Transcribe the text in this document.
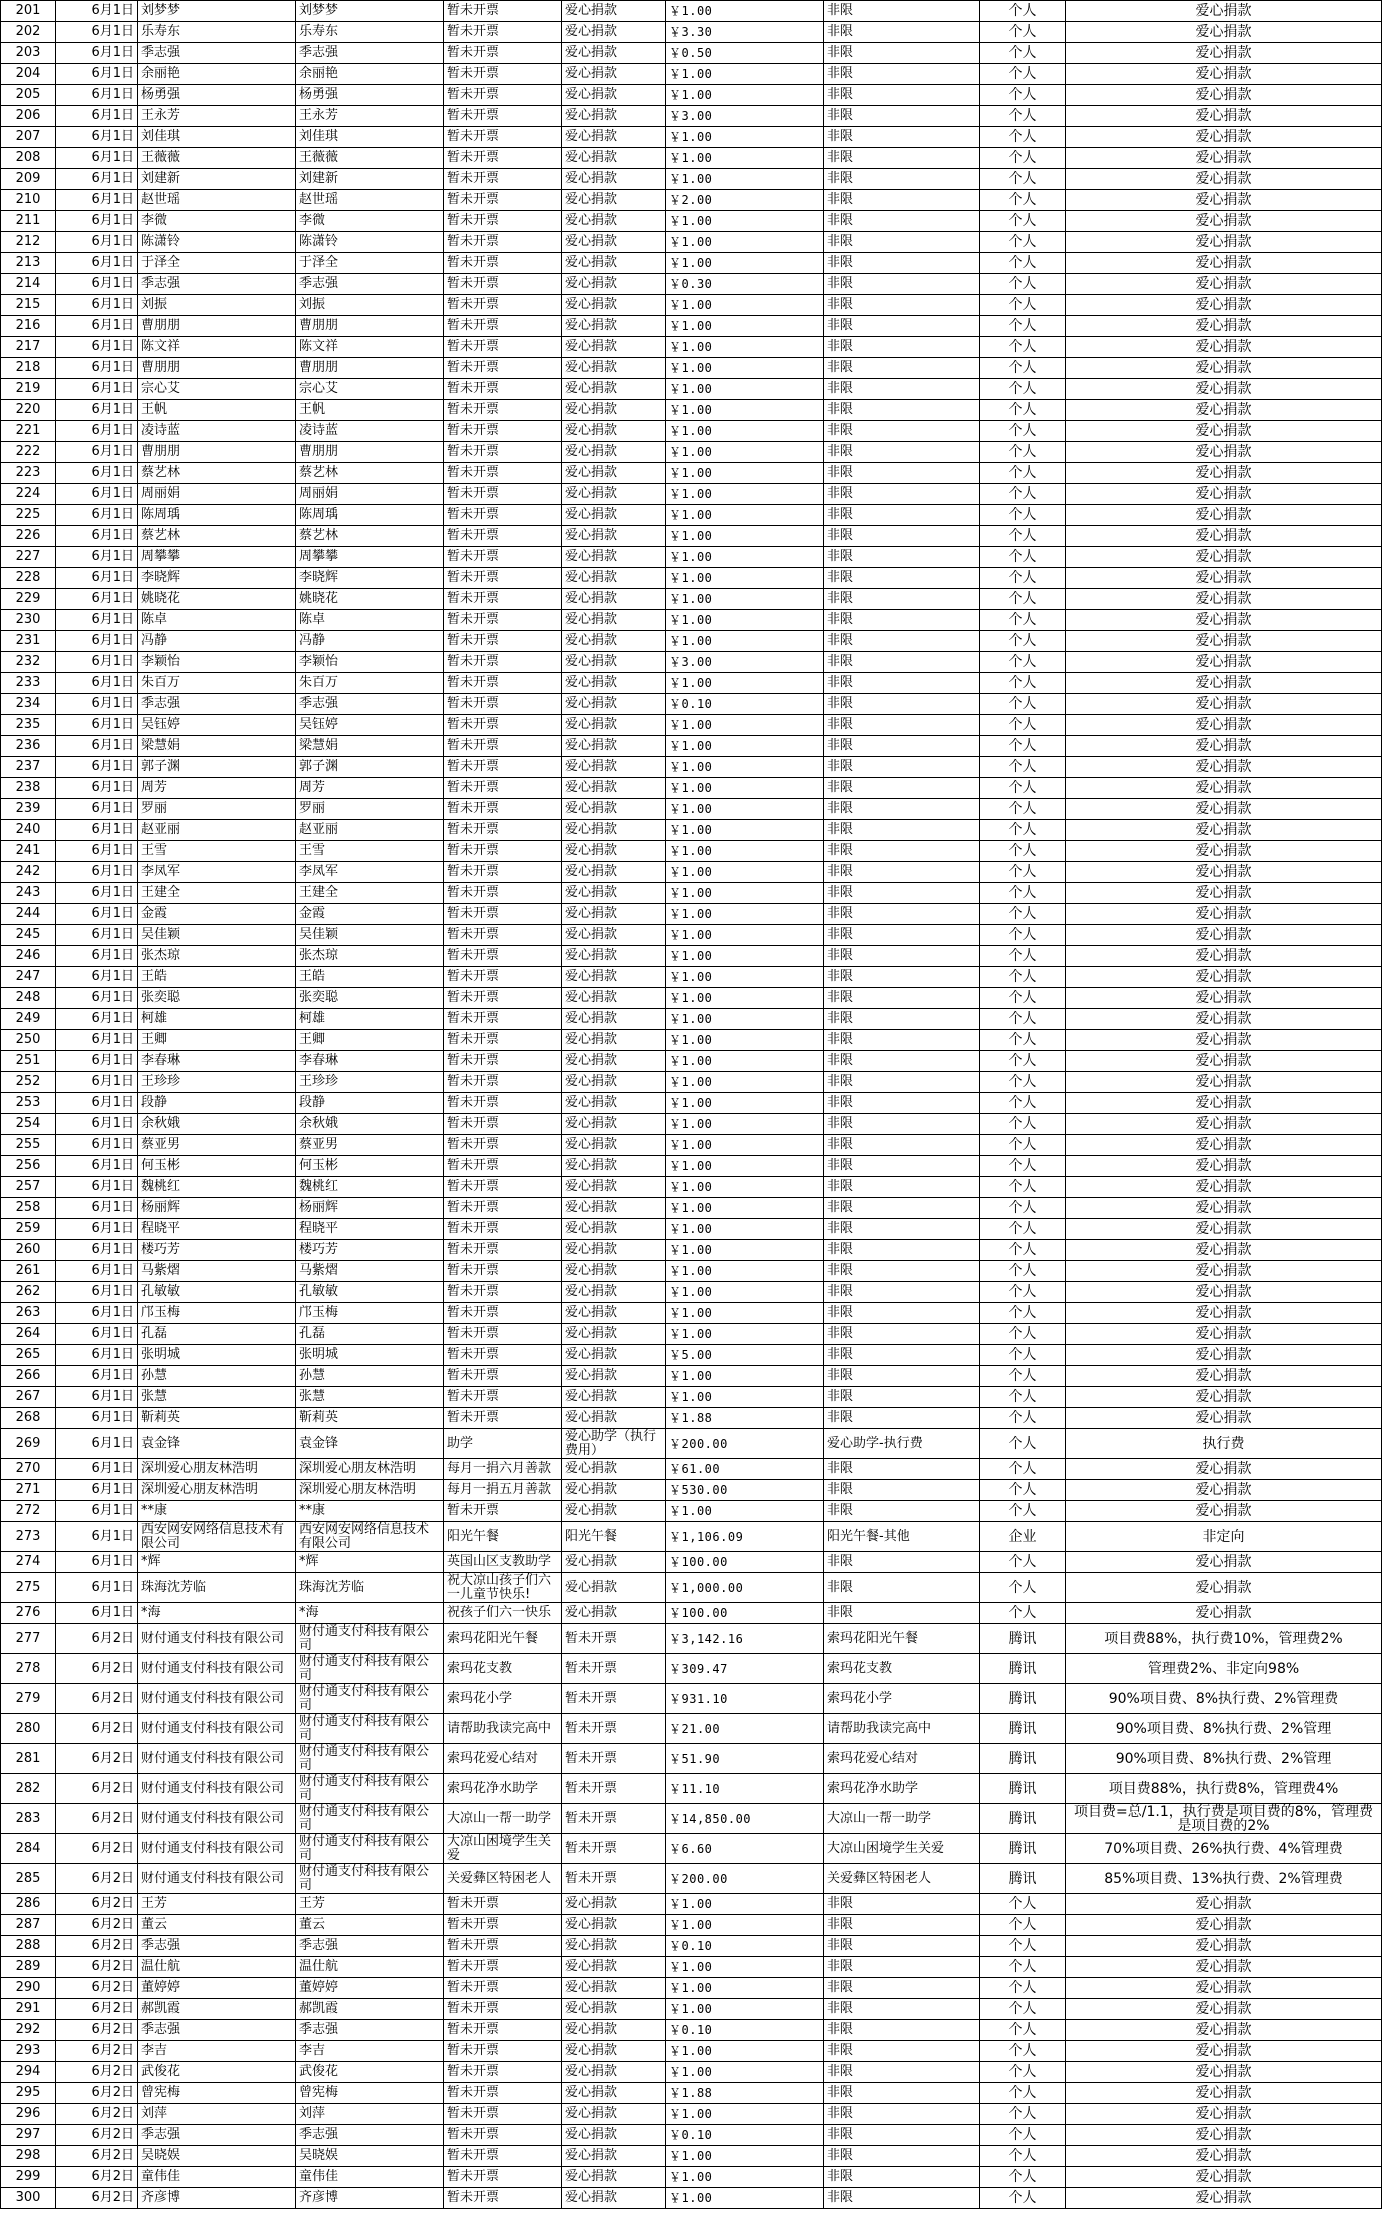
201	6月1日	刘梦梦	刘梦梦	暂未开票	爱心捐款	￥1.00	非限	个人	爱心捐款
202	6月1日	乐寿东	乐寿东	暂未开票	爱心捐款	￥3.30	非限	个人	爱心捐款
203	6月1日	季志强	季志强	暂未开票	爱心捐款	￥0.50	非限	个人	爱心捐款
204	6月1日	余丽艳	余丽艳	暂未开票	爱心捐款	￥1.00	非限	个人	爱心捐款
205	6月1日	杨勇强	杨勇强	暂未开票	爱心捐款	￥1.00	非限	个人	爱心捐款
206	6月1日	王永芳	王永芳	暂未开票	爱心捐款	￥3.00	非限	个人	爱心捐款
207	6月1日	刘佳琪	刘佳琪	暂未开票	爱心捐款	￥1.00	非限	个人	爱心捐款
208	6月1日	王薇薇	王薇薇	暂未开票	爱心捐款	￥1.00	非限	个人	爱心捐款
209	6月1日	刘建新	刘建新	暂未开票	爱心捐款	￥1.00	非限	个人	爱心捐款
210	6月1日	赵世瑶	赵世瑶	暂未开票	爱心捐款	￥2.00	非限	个人	爱心捐款
211	6月1日	李微	李微	暂未开票	爱心捐款	￥1.00	非限	个人	爱心捐款
212	6月1日	陈潇铃	陈潇铃	暂未开票	爱心捐款	￥1.00	非限	个人	爱心捐款
213	6月1日	于泽全	于泽全	暂未开票	爱心捐款	￥1.00	非限	个人	爱心捐款
214	6月1日	季志强	季志强	暂未开票	爱心捐款	￥0.30	非限	个人	爱心捐款
215	6月1日	刘振	刘振	暂未开票	爱心捐款	￥1.00	非限	个人	爱心捐款
216	6月1日	曹朋朋	曹朋朋	暂未开票	爱心捐款	￥1.00	非限	个人	爱心捐款
217	6月1日	陈文祥	陈文祥	暂未开票	爱心捐款	￥1.00	非限	个人	爱心捐款
218	6月1日	曹朋朋	曹朋朋	暂未开票	爱心捐款	￥1.00	非限	个人	爱心捐款
219	6月1日	宗心艾	宗心艾	暂未开票	爱心捐款	￥1.00	非限	个人	爱心捐款
220	6月1日	王帆	王帆	暂未开票	爱心捐款	￥1.00	非限	个人	爱心捐款
221	6月1日	凌诗蓝	凌诗蓝	暂未开票	爱心捐款	￥1.00	非限	个人	爱心捐款
222	6月1日	曹朋朋	曹朋朋	暂未开票	爱心捐款	￥1.00	非限	个人	爱心捐款
223	6月1日	蔡艺林	蔡艺林	暂未开票	爱心捐款	￥1.00	非限	个人	爱心捐款
224	6月1日	周丽娟	周丽娟	暂未开票	爱心捐款	￥1.00	非限	个人	爱心捐款
225	6月1日	陈周瑀	陈周瑀	暂未开票	爱心捐款	￥1.00	非限	个人	爱心捐款
226	6月1日	蔡艺林	蔡艺林	暂未开票	爱心捐款	￥1.00	非限	个人	爱心捐款
227	6月1日	周攀攀	周攀攀	暂未开票	爱心捐款	￥1.00	非限	个人	爱心捐款
228	6月1日	李晓辉	李晓辉	暂未开票	爱心捐款	￥1.00	非限	个人	爱心捐款
229	6月1日	姚晓花	姚晓花	暂未开票	爱心捐款	￥1.00	非限	个人	爱心捐款
230	6月1日	陈卓	陈卓	暂未开票	爱心捐款	￥1.00	非限	个人	爱心捐款
231	6月1日	冯静	冯静	暂未开票	爱心捐款	￥1.00	非限	个人	爱心捐款
232	6月1日	李颖怡	李颖怡	暂未开票	爱心捐款	￥3.00	非限	个人	爱心捐款
233	6月1日	朱百万	朱百万	暂未开票	爱心捐款	￥1.00	非限	个人	爱心捐款
234	6月1日	季志强	季志强	暂未开票	爱心捐款	￥0.10	非限	个人	爱心捐款
235	6月1日	吴钰婷	吴钰婷	暂未开票	爱心捐款	￥1.00	非限	个人	爱心捐款
236	6月1日	梁慧娟	梁慧娟	暂未开票	爱心捐款	￥1.00	非限	个人	爱心捐款
237	6月1日	郭子渊	郭子渊	暂未开票	爱心捐款	￥1.00	非限	个人	爱心捐款
238	6月1日	周芳	周芳	暂未开票	爱心捐款	￥1.00	非限	个人	爱心捐款
239	6月1日	罗丽	罗丽	暂未开票	爱心捐款	￥1.00	非限	个人	爱心捐款
240	6月1日	赵亚丽	赵亚丽	暂未开票	爱心捐款	￥1.00	非限	个人	爱心捐款
241	6月1日	王雪	王雪	暂未开票	爱心捐款	￥1.00	非限	个人	爱心捐款
242	6月1日	李凤军	李凤军	暂未开票	爱心捐款	￥1.00	非限	个人	爱心捐款
243	6月1日	王建全	王建全	暂未开票	爱心捐款	￥1.00	非限	个人	爱心捐款
244	6月1日	金霞	金霞	暂未开票	爱心捐款	￥1.00	非限	个人	爱心捐款
245	6月1日	吴佳颖	吴佳颖	暂未开票	爱心捐款	￥1.00	非限	个人	爱心捐款
246	6月1日	张杰琼	张杰琼	暂未开票	爱心捐款	￥1.00	非限	个人	爱心捐款
247	6月1日	王皓	王皓	暂未开票	爱心捐款	￥1.00	非限	个人	爱心捐款
248	6月1日	张奕聪	张奕聪	暂未开票	爱心捐款	￥1.00	非限	个人	爱心捐款
249	6月1日	柯雄	柯雄	暂未开票	爱心捐款	￥1.00	非限	个人	爱心捐款
250	6月1日	王卿	王卿	暂未开票	爱心捐款	￥1.00	非限	个人	爱心捐款
251	6月1日	李春琳	李春琳	暂未开票	爱心捐款	￥1.00	非限	个人	爱心捐款
252	6月1日	王珍珍	王珍珍	暂未开票	爱心捐款	￥1.00	非限	个人	爱心捐款
253	6月1日	段静	段静	暂未开票	爱心捐款	￥1.00	非限	个人	爱心捐款
254	6月1日	余秋娥	余秋娥	暂未开票	爱心捐款	￥1.00	非限	个人	爱心捐款
255	6月1日	蔡亚男	蔡亚男	暂未开票	爱心捐款	￥1.00	非限	个人	爱心捐款
256	6月1日	何玉彬	何玉彬	暂未开票	爱心捐款	￥1.00	非限	个人	爱心捐款
257	6月1日	魏桃红	魏桃红	暂未开票	爱心捐款	￥1.00	非限	个人	爱心捐款
258	6月1日	杨丽辉	杨丽辉	暂未开票	爱心捐款	￥1.00	非限	个人	爱心捐款
259	6月1日	程晓平	程晓平	暂未开票	爱心捐款	￥1.00	非限	个人	爱心捐款
260	6月1日	楼巧芳	楼巧芳	暂未开票	爱心捐款	￥1.00	非限	个人	爱心捐款
261	6月1日	马紫熠	马紫熠	暂未开票	爱心捐款	￥1.00	非限	个人	爱心捐款
262	6月1日	孔敏敏	孔敏敏	暂未开票	爱心捐款	￥1.00	非限	个人	爱心捐款
263	6月1日	邝玉梅	邝玉梅	暂未开票	爱心捐款	￥1.00	非限	个人	爱心捐款
264	6月1日	孔磊	孔磊	暂未开票	爱心捐款	￥1.00	非限	个人	爱心捐款
265	6月1日	张明城	张明城	暂未开票	爱心捐款	￥5.00	非限	个人	爱心捐款
266	6月1日	孙慧	孙慧	暂未开票	爱心捐款	￥1.00	非限	个人	爱心捐款
267	6月1日	张慧	张慧	暂未开票	爱心捐款	￥1.00	非限	个人	爱心捐款
268	6月1日	靳莉英	靳莉英	暂未开票	爱心捐款	￥1.88	非限	个人	爱心捐款
269	6月1日	袁金锋	袁金锋	助学	爱心助学（执行费用）	￥200.00	爱心助学-执行费	个人	执行费
270	6月1日	深圳爱心朋友林浩明	深圳爱心朋友林浩明	每月一捐六月善款	爱心捐款	￥61.00	非限	个人	爱心捐款
271	6月1日	深圳爱心朋友林浩明	深圳爱心朋友林浩明	每月一捐五月善款	爱心捐款	￥530.00	非限	个人	爱心捐款
272	6月1日	**康	**康	暂未开票	爱心捐款	￥1.00	非限	个人	爱心捐款
273	6月1日	西安网安网络信息技术有限公司	西安网安网络信息技术有限公司	阳光午餐	阳光午餐	￥1,106.09	阳光午餐-其他	企业	非定向
274	6月1日	*辉	*辉	英国山区支教助学	爱心捐款	￥100.00	非限	个人	爱心捐款
275	6月1日	珠海沈芳临	珠海沈芳临	祝大凉山孩子们六一儿童节快乐!	爱心捐款	￥1,000.00	非限	个人	爱心捐款
276	6月1日	*海	*海	祝孩子们六一快乐	爱心捐款	￥100.00	非限	个人	爱心捐款
277	6月2日	财付通支付科技有限公司	财付通支付科技有限公司	索玛花阳光午餐	暂未开票	￥3,142.16	索玛花阳光午餐	腾讯	项目费88%，执行费10%，管理费2%
278	6月2日	财付通支付科技有限公司	财付通支付科技有限公司	索玛花支教	暂未开票	￥309.47	索玛花支教	腾讯	管理费2%、非定向98%
279	6月2日	财付通支付科技有限公司	财付通支付科技有限公司	索玛花小学	暂未开票	￥931.10	索玛花小学	腾讯	90%项目费、8%执行费、2%管理费
280	6月2日	财付通支付科技有限公司	财付通支付科技有限公司	请帮助我读完高中	暂未开票	￥21.00	请帮助我读完高中	腾讯	90%项目费、8%执行费、2%管理
281	6月2日	财付通支付科技有限公司	财付通支付科技有限公司	索玛花爱心结对	暂未开票	￥51.90	索玛花爱心结对	腾讯	90%项目费、8%执行费、2%管理
282	6月2日	财付通支付科技有限公司	财付通支付科技有限公司	索玛花净水助学	暂未开票	￥11.10	索玛花净水助学	腾讯	项目费88%，执行费8%，管理费4%
283	6月2日	财付通支付科技有限公司	财付通支付科技有限公司	大凉山一帮一助学	暂未开票	￥14,850.00	大凉山一帮一助学	腾讯	项目费=总/1.1，执行费是项目费的8%，管理费是项目费的2%
284	6月2日	财付通支付科技有限公司	财付通支付科技有限公司	大凉山困境学生关爱	暂未开票	￥6.60	大凉山困境学生关爱	腾讯	70%项目费、26%执行费、4%管理费
285	6月2日	财付通支付科技有限公司	财付通支付科技有限公司	关爱彝区特困老人	暂未开票	￥200.00	关爱彝区特困老人	腾讯	85%项目费、13%执行费、2%管理费
286	6月2日	王芳	王芳	暂未开票	爱心捐款	￥1.00	非限	个人	爱心捐款
287	6月2日	董云	董云	暂未开票	爱心捐款	￥1.00	非限	个人	爱心捐款
288	6月2日	季志强	季志强	暂未开票	爱心捐款	￥0.10	非限	个人	爱心捐款
289	6月2日	温仕航	温仕航	暂未开票	爱心捐款	￥1.00	非限	个人	爱心捐款
290	6月2日	董婷婷	董婷婷	暂未开票	爱心捐款	￥1.00	非限	个人	爱心捐款
291	6月2日	郝凯霞	郝凯霞	暂未开票	爱心捐款	￥1.00	非限	个人	爱心捐款
292	6月2日	季志强	季志强	暂未开票	爱心捐款	￥0.10	非限	个人	爱心捐款
293	6月2日	李吉	李吉	暂未开票	爱心捐款	￥1.00	非限	个人	爱心捐款
294	6月2日	武俊花	武俊花	暂未开票	爱心捐款	￥1.00	非限	个人	爱心捐款
295	6月2日	曾宪梅	曾宪梅	暂未开票	爱心捐款	￥1.88	非限	个人	爱心捐款
296	6月2日	刘萍	刘萍	暂未开票	爱心捐款	￥1.00	非限	个人	爱心捐款
297	6月2日	季志强	季志强	暂未开票	爱心捐款	￥0.10	非限	个人	爱心捐款
298	6月2日	吴晓娱	吴晓娱	暂未开票	爱心捐款	￥1.00	非限	个人	爱心捐款
299	6月2日	童伟佳	童伟佳	暂未开票	爱心捐款	￥1.00	非限	个人	爱心捐款
300	6月2日	齐彦博	齐彦博	暂未开票	爱心捐款	￥1.00	非限	个人	爱心捐款
